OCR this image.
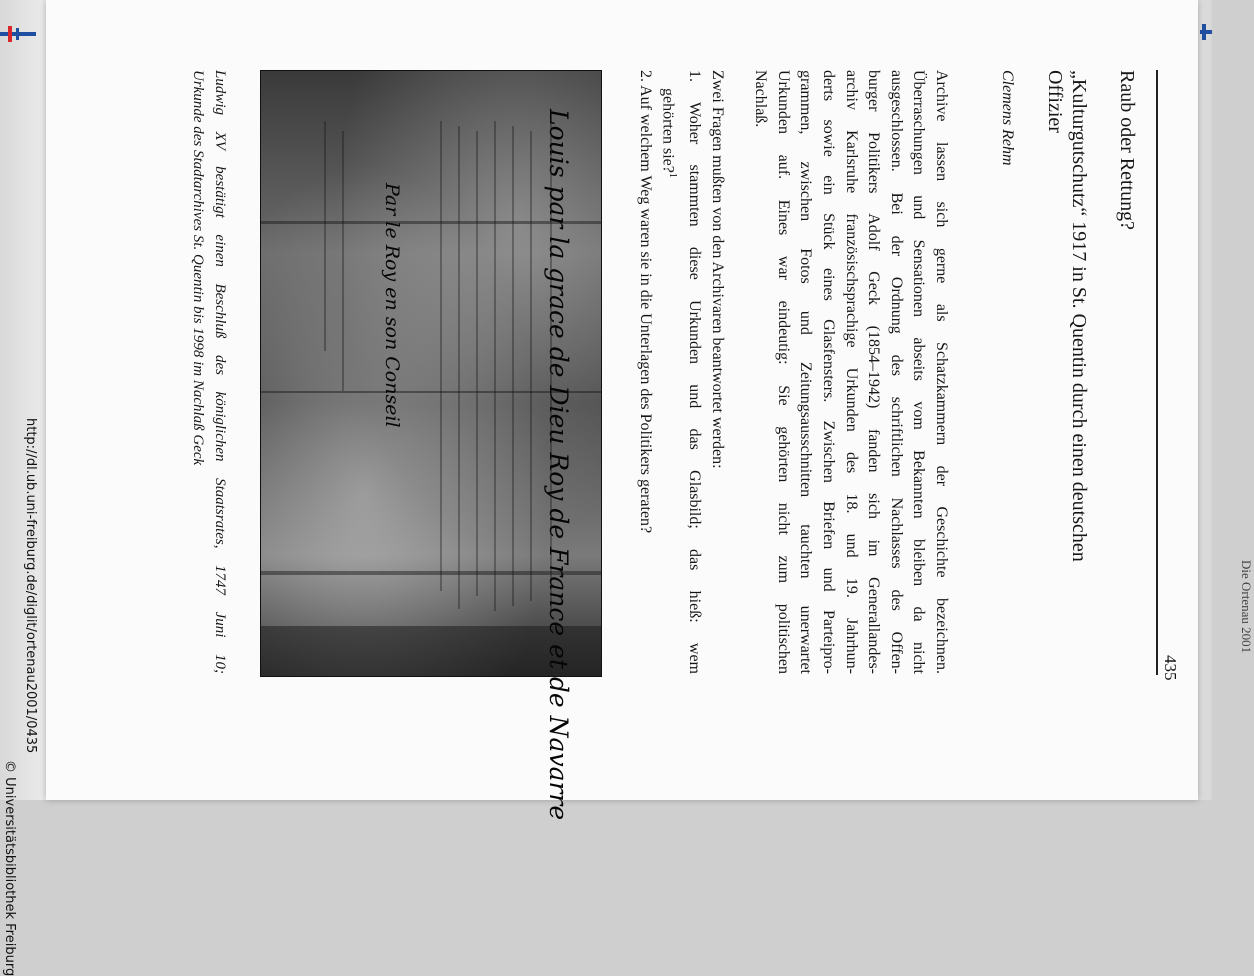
Die Ortenau 2001
435
Raub oder Rettung?
„Kulturgutschutz“ 1917 in St. Quentin durch einen deutschen
Offizier
Clemens Rehm
Archive lassen sich gerne als Schatzkammern der Geschichte bezeichnen.
Überraschungen und Sensationen abseits vom Bekannten bleiben da nicht
ausgeschlossen. Bei der Ordnung des schriftlichen Nachlasses des Offen-
burger Politikers Adolf Geck (1854–1942) fanden sich im Generallandes-
archiv Karlsruhe französischsprachige Urkunden des 18. und 19. Jahrhun-
derts sowie ein Stück eines Glasfensters. Zwischen Briefen und Parteipro-
grammen, zwischen Fotos und Zeitungsausschnitten tauchten unerwartet
Urkunden auf. Eines war eindeutig: Sie gehörten nicht zum politischen
Nachlaß.
Zwei Fragen mußten von den Archivaren beantwortet werden:
1. Woher stammten diese Urkunden und das Glasbild; das hieß: wem
gehörten sie?$^1$
2. Auf welchem Weg waren sie in die Unterlagen des Politikers geraten?
Louis par la grace de Dieu Roy de France et de Navarre
Par le Roy en son Conseil
Ludwig XV bestätigt einen Beschluß des königlichen Staatsrates, 1747 Juni 10;
Urkunde des Stadtarchives St. Quentin bis 1998 im Nachlaß Geck
http://dl.ub.uni-freiburg.de/diglit/ortenau2001/0435
© Universitätsbibliothek Freiburg
